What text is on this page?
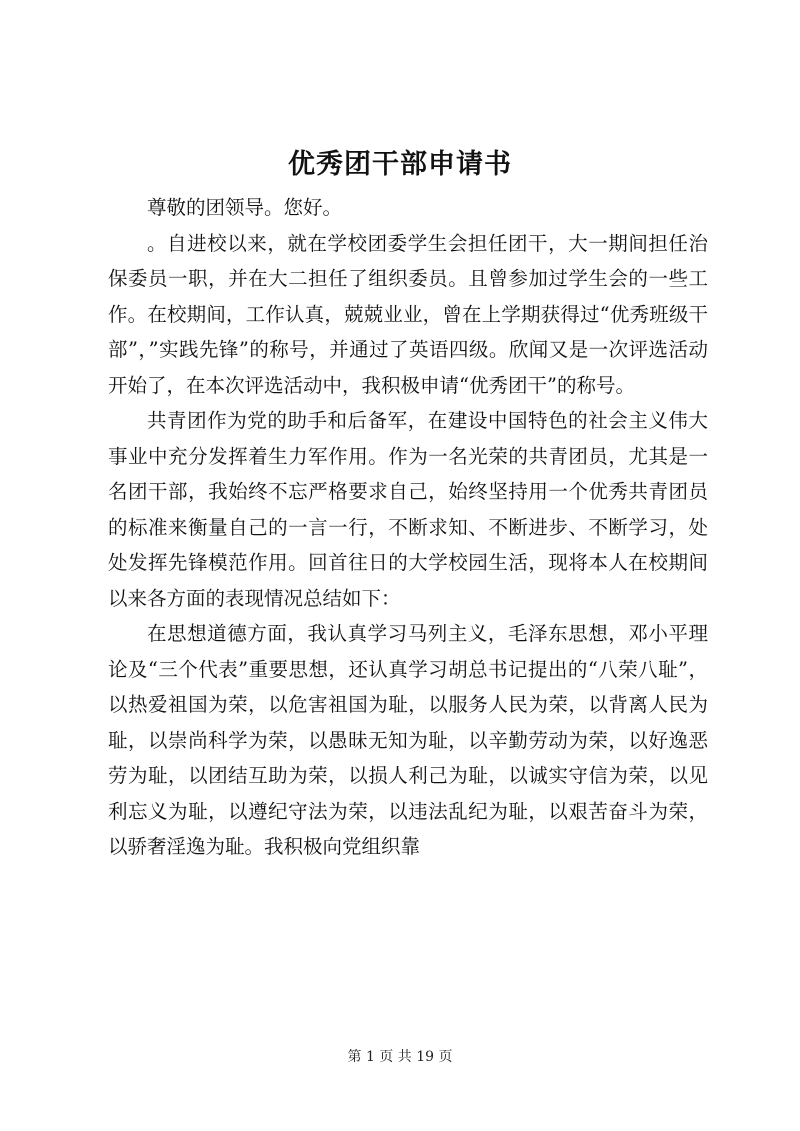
优秀团干部申请书

尊敬的团领导。您好。

。自进校以来，就在学校团委学生会担任团干，大一期间担任治保委员一职，并在大二担任了组织委员。且曾参加过学生会的一些工作。在校期间，工作认真，兢兢业业，曾在上学期获得过“优秀班级干部”，”实践先锋”的称号，并通过了英语四级。欣闻又是一次评选活动开始了，在本次评选活动中，我积极申请“优秀团干”的称号。

共青团作为党的助手和后备军，在建设中国特色的社会主义伟大事业中充分发挥着生力军作用。作为一名光荣的共青团员，尤其是一名团干部，我始终不忘严格要求自己，始终坚持用一个优秀共青团员的标准来衡量自己的一言一行，不断求知、不断进步、不断学习，处处发挥先锋模范作用。回首往日的大学校园生活，现将本人在校期间以来各方面的表现情况总结如下：

在思想道德方面，我认真学习马列主义，毛泽东思想，邓小平理论及“三个代表”重要思想，还认真学习胡总书记提出的“八荣八耻”，以热爱祖国为荣，以危害祖国为耻，以服务人民为荣，以背离人民为耻，以崇尚科学为荣，以愚昧无知为耻，以辛勤劳动为荣，以好逸恶劳为耻，以团结互助为荣，以损人利己为耻，以诚实守信为荣，以见利忘义为耻，以遵纪守法为荣，以违法乱纪为耻，以艰苦奋斗为荣，以骄奢淫逸为耻。我积极向党组织靠

第 1 页 共 19 页
